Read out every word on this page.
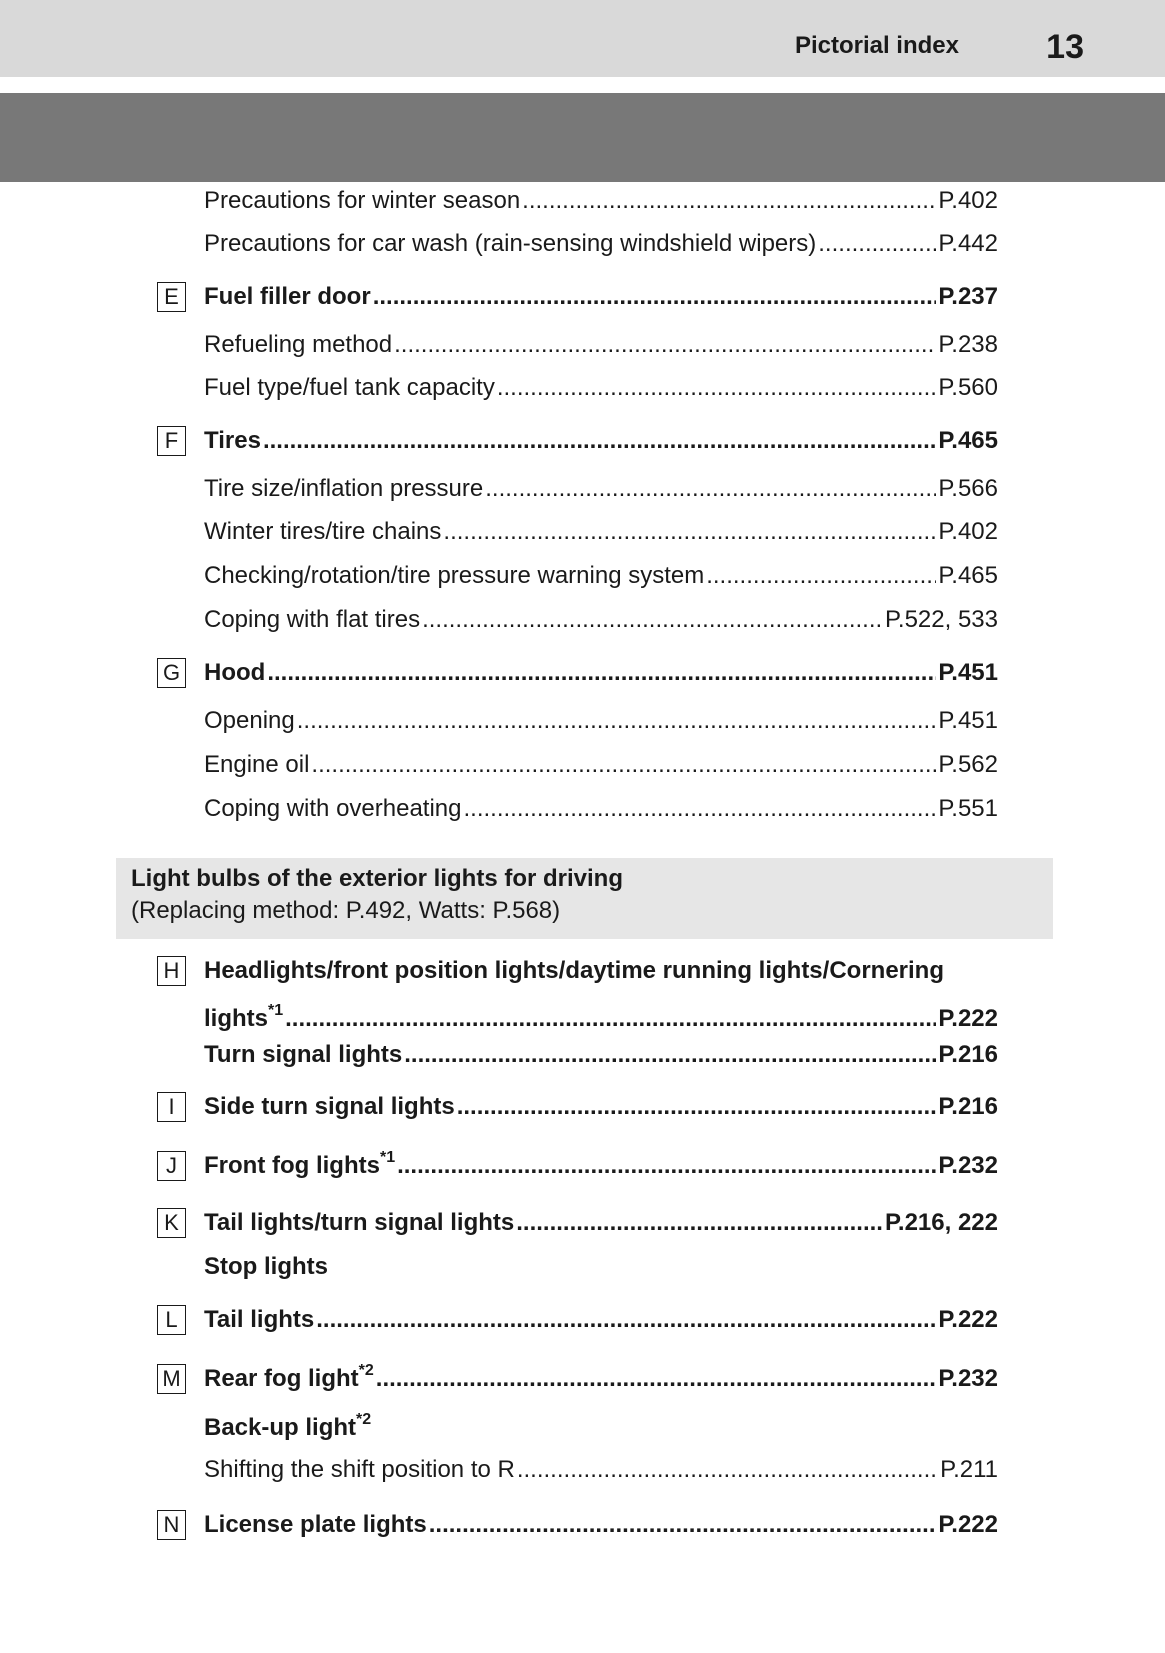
Pictorial index	13
Precautions for winter season .....	P.402
Precautions for car wash (rain-sensing windshield wipers) .....	P.442
E Fuel filler door .....	P.237
Refueling method .....	P.238
Fuel type/fuel tank capacity .....	P.560
F	Tires .....	P.465
Tire size/inflation pressure .....	P.566
Winter tires/tire chains .....	P.402
Checking/rotation/tire pressure warning system .....	P.465
Coping with flat tires .....	P.522, 533
G Hood .....	P.451
Opening .....	P.451
Engine oil .....	P.562
Coping with overheating .....	P.551
Light bulbs of the exterior lights for driving
(Replacing method: P.492, Watts: P.568)
H Headlights/front position lights/daytime running lights/Cornering
lights$^{*1}$ .....	P.222
Turn signal lights .....	P.216
I	Side turn signal lights .....	P.216
J	Front fog lights$^{*1}$ .....	P.232
K Tail lights/turn signal lights .....	P.216, 222
Stop lights
L	Tail lights .....	P.222
M Rear fog light$^{*2}$ .....	P.232
Back-up light$^{*2}$
Shifting the shift position to R .....	P.211
N License plate lights .....	P.222
